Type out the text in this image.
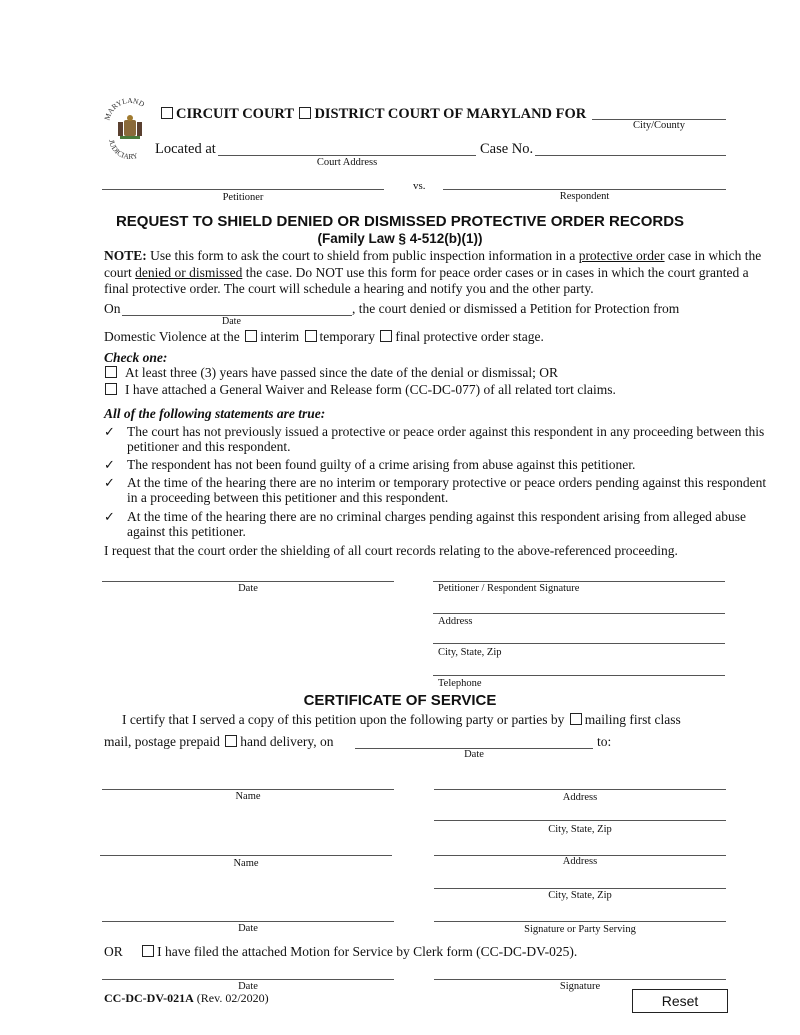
MARYLAND
JUDICIARY
CIRCUIT COURT DISTRICT COURT OF MARYLAND FOR
City/County
Located at
Court Address
Case No.
Petitioner
vs.
Respondent
REQUEST TO SHIELD DENIED OR DISMISSED PROTECTIVE ORDER RECORDS
(Family Law § 4-512(b)(1))
NOTE: Use this form to ask the court to shield from public inspection information in a protective order case in which the court denied or dismissed the case. Do NOT use this form for peace order cases or in cases in which the court granted a final protective order. The court will schedule a hearing and notify you and the other party.
On
Date
, the court denied or dismissed a Petition for Protection from
Domestic Violence at the interim temporary final protective order stage.
Check one:
At least three (3) years have passed since the date of the denial or dismissal; OR
I have attached a General Waiver and Release form (CC-DC-077) of all related tort claims.
All of the following statements are true:
✓ The court has not previously issued a protective or peace order against this respondent in any proceeding between this petitioner and this respondent.
✓ The respondent has not been found guilty of a crime arising from abuse against this petitioner.
✓ At the time of the hearing there are no interim or temporary protective or peace orders pending against this respondent in a proceeding between this petitioner and this respondent.
✓ At the time of the hearing there are no criminal charges pending against this respondent arising from alleged abuse against this petitioner.
I request that the court order the shielding of all court records relating to the above-referenced proceeding.
Date	Petitioner / Respondent Signature
Address
City, State, Zip
Telephone
CERTIFICATE OF SERVICE
I certify that I served a copy of this petition upon the following party or parties by mailing first class
mail, postage prepaid hand delivery, on
Date
to:
Name	Address
City, State, Zip
Name	Address
City, State, Zip
Date	Signature or Party Serving
OR	I have filed the attached Motion for Service by Clerk form (CC-DC-DV-025).
Date	Signature
CC-DC-DV-021A (Rev. 02/2020)	Reset
